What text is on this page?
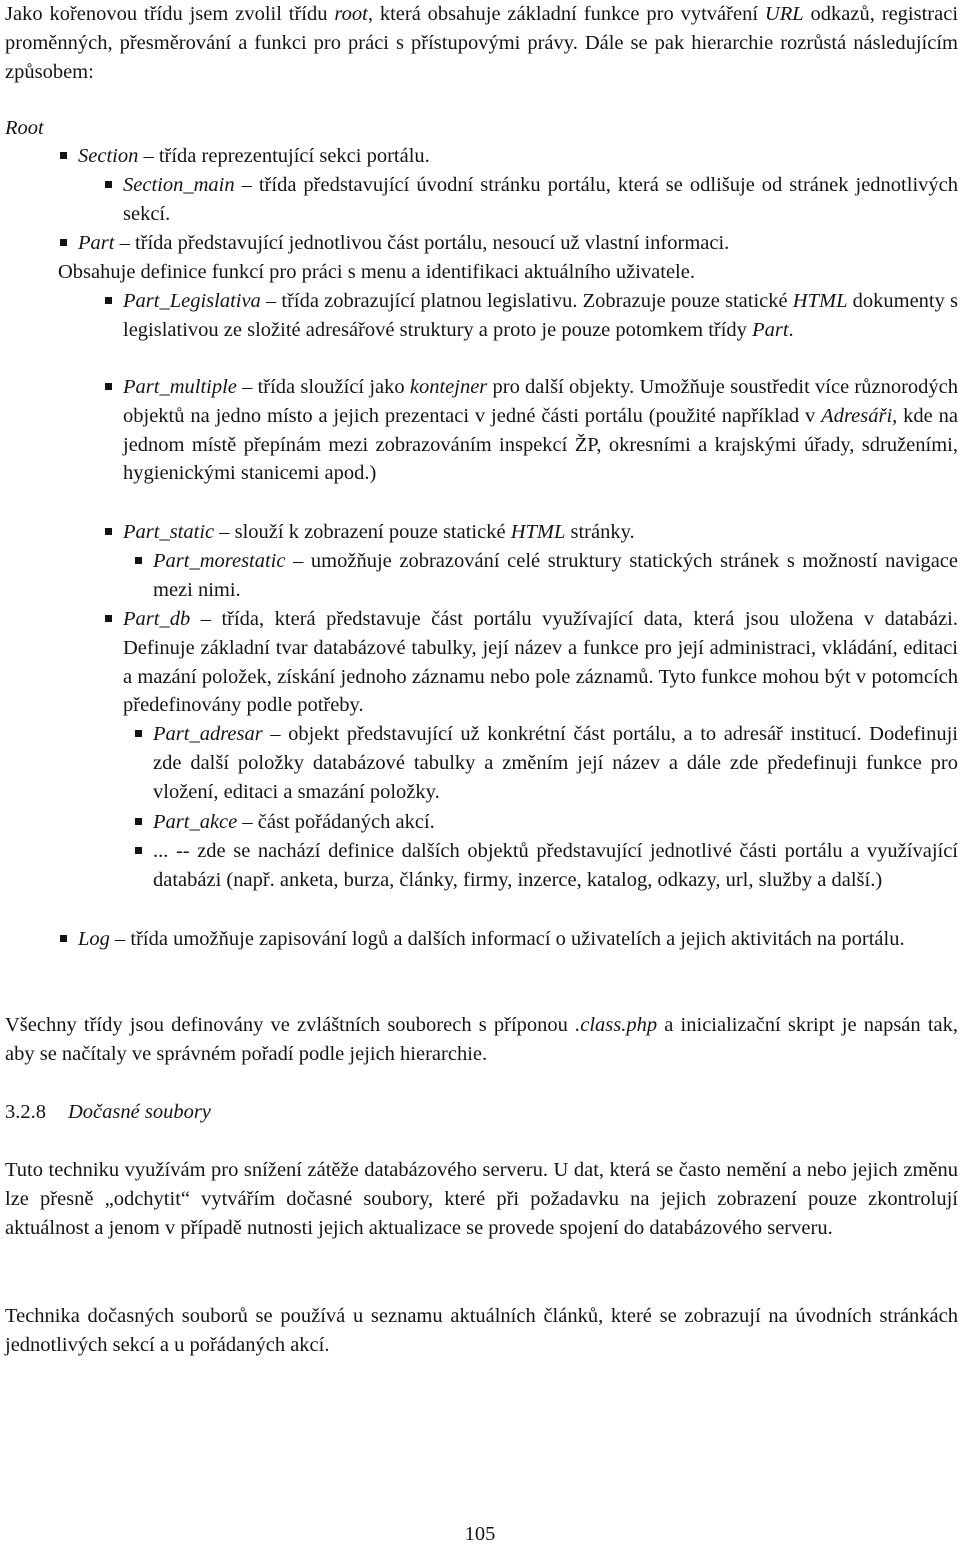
Jako kořenovou třídu jsem zvolil třídu root, která obsahuje základní funkce pro vytváření URL odkazů, registraci proměnných, přesměrování a funkci pro práci s přístupovými právy. Dále se pak hierarchie rozrůstá následujícím způsobem:

Root

Section – třída reprezentující sekci portálu.

Section_main – třída představující úvodní stránku portálu, která se odlišuje od stránek jednotlivých sekcí.

Part – třída představující jednotlivou část portálu, nesoucí už vlastní informaci.

Obsahuje definice funkcí pro práci s menu a identifikaci aktuálního uživatele.

Part_Legislativa – třída zobrazující platnou legislativu. Zobrazuje pouze statické HTML dokumenty s legislativou ze složité adresářové struktury a proto je pouze potomkem třídy Part.

Part_multiple – třída sloužící jako kontejner pro další objekty. Umožňuje soustředit více různorodých objektů na jedno místo a jejich prezentaci v jedné části portálu (použité například v Adresáři, kde na jednom místě přepínám mezi zobrazováním inspekcí ŽP, okresními a krajskými úřady, sdruženími, hygienickými stanicemi apod.)

Part_static – slouží k zobrazení pouze statické HTML stránky.

Part_morestatic – umožňuje zobrazování celé struktury statických stránek s možností navigace mezi nimi.

Part_db – třída, která představuje část portálu využívající data, která jsou uložena v databázi. Definuje základní tvar databázové tabulky, její název a funkce pro její administraci, vkládání, editaci a mazání položek, získání jednoho záznamu nebo pole záznamů. Tyto funkce mohou být v potomcích předefinovány podle potřeby.

Part_adresar – objekt představující už konkrétní část portálu, a to adresář institucí. Dodefinuji zde další položky databázové tabulky a změním její název a dále zde předefinuji funkce pro vložení, editaci a smazání položky.

Part_akce – část pořádaných akcí.

... -- zde se nachází definice dalších objektů představující jednotlivé části portálu a využívající databázi (např. anketa, burza, články, firmy, inzerce, katalog, odkazy, url, služby a další.)

Log – třída umožňuje zapisování logů a dalších informací o uživatelích a jejich aktivitách na portálu.

Všechny třídy jsou definovány ve zvláštních souborech s příponou .class.php a inicializační skript je napsán tak, aby se načítaly ve správném pořadí podle jejich hierarchie.

3.2.8 Dočasné soubory

Tuto techniku využívám pro snížení zátěže databázového serveru. U dat, která se často nemění a nebo jejich změnu lze přesně „odchytit“ vytvářím dočasné soubory, které při požadavku na jejich zobrazení pouze zkontrolují aktuálnost a jenom v případě nutnosti jejich aktualizace se provede spojení do databázového serveru.

Technika dočasných souborů se používá u seznamu aktuálních článků, které se zobrazují na úvodních stránkách jednotlivých sekcí a u pořádaných akcí.

105
